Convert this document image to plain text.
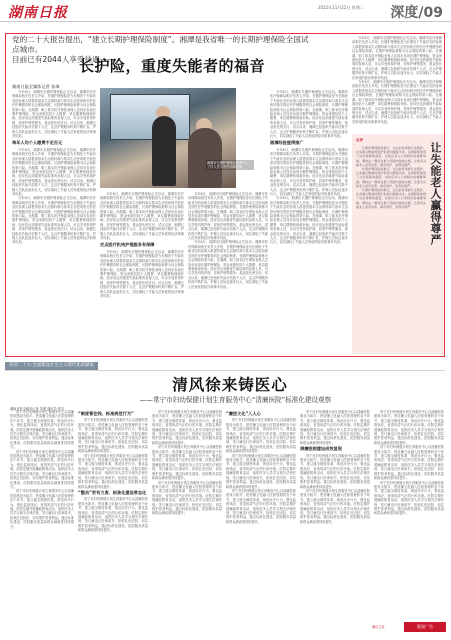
湖南日报	2022年11月22日 星期二	深度/09
党的二十大报告提出，“建立长期护理保险制度”。湘潭是我省唯一的长期护理保险全国试点城市。
目前已有2044人享受待遇——
长护险，重度失能者的福音
湖南日报全媒体记者 张璋

今年6月，湘潭市长期护理保险正式启动。湘潭市医疗保障局相关负责人介绍，长期护理保险是为长期处于失能状态的参保人群提供基本生活照料和与基本生活密切相关的医疗护理服务的社会保险制度。长期护理保险被称为社会保险的第六险。在湘潭，职工基本医疗保险参保人员同步参加长期护理保险，资金来源包括个人缴费、单位缴费和财政补助。经评估达到重度失能标准的参保人员，可以享受机构护理、居家护理等服务，基金按比例支付。试点以来，湘潭已经组织失能评估数千人次，定点护理服务机构不断扩容，护理人员队伍逐步壮大，切实减轻了失能人员家庭的经济和事务负担。

每年人均个人缴费不足百元

今年6月，湘潭市长期护理保险正式启动。湘潭市医疗保障局相关负责人介绍，长期护理保险是为长期处于失能状态的参保人群提供基本生活照料和与基本生活密切相关的医疗护理服务的社会保险制度。长期护理保险被称为社会保险的第六险。在湘潭，职工基本医疗保险参保人员同步参加长期护理保险，资金来源包括个人缴费、单位缴费和财政补助。经评估达到重度失能标准的参保人员，可以享受机构护理、居家护理等服务，基金按比例支付。试点以来，湘潭已经组织失能评估数千人次，定点护理服务机构不断扩容，护理人员队伍逐步壮大，切实减轻了失能人员家庭的经济和事务负担。

今年6月，湘潭市长期护理保险正式启动。湘潭市医疗保障局相关负责人介绍，长期护理保险是为长期处于失能状态的参保人群提供基本生活照料和与基本生活密切相关的医疗护理服务的社会保险制度。长期护理保险被称为社会保险的第六险。在湘潭，职工基本医疗保险参保人员同步参加长期护理保险，资金来源包括个人缴费、单位缴费和财政补助。经评估达到重度失能标准的参保人员，可以享受机构护理、居家护理等服务，基金按比例支付。试点以来，湘潭已经组织失能评估数千人次，定点护理服务机构不断扩容，护理人员队伍逐步壮大，切实减轻了失能人员家庭的经济和事务负担。

湘潭市长期护理保险服务中心，工作人员为市民讲解政策。

今年6月，湘潭市长期护理保险正式启动。湘潭市医疗保障局相关负责人介绍，长期护理保险是为长期处于失能状态的参保人群提供基本生活照料和与基本生活密切相关的医疗护理服务的社会保险制度。长期护理保险被称为社会保险的第六险。在湘潭，职工基本医疗保险参保人员同步参加长期护理保险，资金来源包括个人缴费、单位缴费和财政补助。经评估达到重度失能标准的参保人员，可以享受机构护理、居家护理等服务，基金按比例支付。试点以来，湘潭已经组织失能评估数千人次，定点护理服务机构不断扩容，护理人员队伍逐步壮大，切实减轻了失能人员家庭的经济和事务负担。

定点医疗机构护理服务有保障

今年6月，湘潭市长期护理保险正式启动。湘潭市医疗保障局相关负责人介绍，长期护理保险是为长期处于失能状态的参保人群提供基本生活照料和与基本生活密切相关的医疗护理服务的社会保险制度。长期护理保险被称为社会保险的第六险。在湘潭，职工基本医疗保险参保人员同步参加长期护理保险，资金来源包括个人缴费、单位缴费和财政补助。经评估达到重度失能标准的参保人员，可以享受机构护理、居家护理等服务，基金按比例支付。试点以来，湘潭已经组织失能评估数千人次，定点护理服务机构不断扩容，护理人员队伍逐步壮大，切实减轻了失能人员家庭的经济和事务负担。

今年6月，湘潭市长期护理保险正式启动。湘潭市医疗保障局相关负责人介绍，长期护理保险是为长期处于失能状态的参保人群提供基本生活照料和与基本生活密切相关的医疗护理服务的社会保险制度。长期护理保险被称为社会保险的第六险。在湘潭，职工基本医疗保险参保人员同步参加长期护理保险，资金来源包括个人缴费、单位缴费和财政补助。经评估达到重度失能标准的参保人员，可以享受机构护理、居家护理等服务，基金按比例支付。试点以来，湘潭已经组织失能评估数千人次，定点护理服务机构不断扩容，护理人员队伍逐步壮大，切实减轻了失能人员家庭的经济和事务负担。

今年6月，湘潭市长期护理保险正式启动。湘潭市医疗保障局相关负责人介绍，长期护理保险是为长期处于失能状态的参保人群提供基本生活照料和与基本生活密切相关的医疗护理服务的社会保险制度。长期护理保险被称为社会保险的第六险。在湘潭，职工基本医疗保险参保人员同步参加长期护理保险，资金来源包括个人缴费、单位缴费和财政补助。经评估达到重度失能标准的参保人员，可以享受机构护理、居家护理等服务，基金按比例支付。试点以来，湘潭已经组织失能评估数千人次，定点护理服务机构不断扩容，护理人员队伍逐步壮大，切实减轻了失能人员家庭的经济和事务负担。

今年6月，湘潭市长期护理保险正式启动。湘潭市医疗保障局相关负责人介绍，长期护理保险是为长期处于失能状态的参保人群提供基本生活照料和与基本生活密切相关的医疗护理服务的社会保险制度。长期护理保险被称为社会保险的第六险。在湘潭，职工基本医疗保险参保人员同步参加长期护理保险，资金来源包括个人缴费、单位缴费和财政补助。经评估达到重度失能标准的参保人员，可以享受机构护理、居家护理等服务，基金按比例支付。试点以来，湘潭已经组织失能评估数千人次，定点护理服务机构不断扩容，护理人员队伍逐步壮大，切实减轻了失能人员家庭的经济和事务负担。

湘潭经验值得推广

今年6月，湘潭市长期护理保险正式启动。湘潭市医疗保障局相关负责人介绍，长期护理保险是为长期处于失能状态的参保人群提供基本生活照料和与基本生活密切相关的医疗护理服务的社会保险制度。长期护理保险被称为社会保险的第六险。在湘潭，职工基本医疗保险参保人员同步参加长期护理保险，资金来源包括个人缴费、单位缴费和财政补助。经评估达到重度失能标准的参保人员，可以享受机构护理、居家护理等服务，基金按比例支付。试点以来，湘潭已经组织失能评估数千人次，定点护理服务机构不断扩容，护理人员队伍逐步壮大，切实减轻了失能人员家庭的经济和事务负担。

今年6月，湘潭市长期护理保险正式启动。湘潭市医疗保障局相关负责人介绍，长期护理保险是为长期处于失能状态的参保人群提供基本生活照料和与基本生活密切相关的医疗护理服务的社会保险制度。长期护理保险被称为社会保险的第六险。在湘潭，职工基本医疗保险参保人员同步参加长期护理保险，资金来源包括个人缴费、单位缴费和财政补助。经评估达到重度失能标准的参保人员，可以享受机构护理、居家护理等服务，基金按比例支付。试点以来，湘潭已经组织失能评估数千人次，定点护理服务机构不断扩容，护理人员队伍逐步壮大，切实减轻了失能人员家庭的经济和事务负担。

今年6月，湘潭市长期护理保险正式启动。湘潭市医疗保障局相关负责人介绍，长期护理保险是为长期处于失能状态的参保人群提供基本生活照料和与基本生活密切相关的医疗护理服务的社会保险制度。长期护理保险被称为社会保险的第六险。在湘潭，职工基本医疗保险参保人员同步参加长期护理保险，资金来源包括个人缴费、单位缴费和财政补助。经评估达到重度失能标准的参保人员，可以享受机构护理、居家护理等服务，基金按比例支付。试点以来，湘潭已经组织失能评估数千人次，定点护理服务机构不断扩容，护理人员队伍逐步壮大，切实减轻了失能人员家庭的经济和事务负担。

今年6月，湘潭市长期护理保险正式启动。湘潭市医疗保障局相关负责人介绍，长期护理保险是为长期处于失能状态的参保人群提供基本生活照料和与基本生活密切相关的医疗护理服务的社会保险制度。长期护理保险被称为社会保险的第六险。在湘潭，职工基本医疗保险参保人员同步参加长期护理保险，资金来源包括个人缴费、单位缴费和财政补助。经评估达到重度失能标准的参保人员，可以享受机构护理、居家护理等服务，基金按比例支付。试点以来，湘潭已经组织失能评估数千人次，定点护理服务机构不断扩容，护理人员队伍逐步壮大，切实减轻了失能人员家庭的经济和事务负担。

点评

长期护理保险的推行，让失能者得到专业照护，让家属从繁重的照护负担中解脱出来。这项制度体现了社会保障的温度，也是应对人口老龄化的重要举措。期待这一制度在更大范围内落地生根，让更多失能老人老有所养、病有所护、活得有尊严。

长期护理保险的推行，让失能者得到专业照护，让家属从繁重的照护负担中解脱出来。这项制度体现了社会保障的温度，也是应对人口老龄化的重要举措。期待这一制度在更大范围内落地生根，让更多失能老人老有所养、病有所护、活得有尊严。

长期护理保险的推行，让失能者得到专业照护，让家属从繁重的照护负担中解脱出来。这项制度体现了社会保障的温度，也是应对人口老龄化的重要举措。期待这一制度在更大范围内落地生根，让更多失能老人老有所养、病有所护、活得有尊严。	让失能老人赢得尊严
喜迎二十大·全面建设社会主义现代化新湖南
清风徐来铸医心
——常宁市妇幼保健计划生育服务中心“清廉医院”标准化建设观察
湖南日报全媒体记者 刘勇 通讯员 常宣

常宁市妇幼保健计划生育服务中心以清廉医院建设为抓手，把清廉文化融入医院管理的各个环节，建立健全制度体系，规范诊疗行为，强化监督执纪，营造风清气正的行医环境。医院定期开展廉政教育活动，组织医务人员学习相关法律法规，签订廉洁行医承诺书，拒收红包回扣，切实维护患者利益。通过标准化建设，医院服务质量和群众满意度持续提升。

常宁市妇幼保健计划生育服务中心以清廉医院建设为抓手，把清廉文化融入医院管理的各个环节，建立健全制度体系，规范诊疗行为，强化监督执纪，营造风清气正的行医环境。医院定期开展廉政教育活动，组织医务人员学习相关法律法规，签订廉洁行医承诺书，拒收红包回扣，切实维护患者利益。通过标准化建设，医院服务质量和群众满意度持续提升。

常宁市妇幼保健计划生育服务中心以清廉医院建设为抓手，把清廉文化融入医院管理的各个环节，建立健全制度体系，规范诊疗行为，强化监督执纪，营造风清气正的行医环境。医院定期开展廉政教育活动，组织医务人员学习相关法律法规，签订廉洁行医承诺书，拒收红包回扣，切实维护患者利益。通过标准化建设，医院服务质量和群众满意度持续提升。

“制度管住钱、标准规范行为”

常宁市妇幼保健计划生育服务中心以清廉医院建设为抓手，把清廉文化融入医院管理的各个环节，建立健全制度体系，规范诊疗行为，强化监督执纪，营造风清气正的行医环境。医院定期开展廉政教育活动，组织医务人员学习相关法律法规，签订廉洁行医承诺书，拒收红包回扣，切实维护患者利益。通过标准化建设，医院服务质量和群众满意度持续提升。

常宁市妇幼保健计划生育服务中心以清廉医院建设为抓手，把清廉文化融入医院管理的各个环节，建立健全制度体系，规范诊疗行为，强化监督执纪，营造风清气正的行医环境。医院定期开展廉政教育活动，组织医务人员学习相关法律法规，签订廉洁行医承诺书，拒收红包回扣，切实维护患者利益。通过标准化建设，医院服务质量和群众满意度持续提升。

“整治”更有力度、标准化建设常态化

常宁市妇幼保健计划生育服务中心以清廉医院建设为抓手，把清廉文化融入医院管理的各个环节，建立健全制度体系，规范诊疗行为，强化监督执纪，营造风清气正的行医环境。医院定期开展廉政教育活动，组织医务人员学习相关法律法规，签订廉洁行医承诺书，拒收红包回扣，切实维护患者利益。通过标准化建设，医院服务质量和群众满意度持续提升。

常宁市妇幼保健计划生育服务中心以清廉医院建设为抓手，把清廉文化融入医院管理的各个环节，建立健全制度体系，规范诊疗行为，强化监督执纪，营造风清气正的行医环境。医院定期开展廉政教育活动，组织医务人员学习相关法律法规，签订廉洁行医承诺书，拒收红包回扣，切实维护患者利益。通过标准化建设，医院服务质量和群众满意度持续提升。

常宁市妇幼保健计划生育服务中心以清廉医院建设为抓手，把清廉文化融入医院管理的各个环节，建立健全制度体系，规范诊疗行为，强化监督执纪，营造风清气正的行医环境。医院定期开展廉政教育活动，组织医务人员学习相关法律法规，签订廉洁行医承诺书，拒收红包回扣，切实维护患者利益。通过标准化建设，医院服务质量和群众满意度持续提升。

常宁市妇幼保健计划生育服务中心以清廉医院建设为抓手，把清廉文化融入医院管理的各个环节，建立健全制度体系，规范诊疗行为，强化监督执纪，营造风清气正的行医环境。医院定期开展廉政教育活动，组织医务人员学习相关法律法规，签订廉洁行医承诺书，拒收红包回扣，切实维护患者利益。通过标准化建设，医院服务质量和群众满意度持续提升。

“廉医文化”入人心

常宁市妇幼保健计划生育服务中心以清廉医院建设为抓手，把清廉文化融入医院管理的各个环节，建立健全制度体系，规范诊疗行为，强化监督执纪，营造风清气正的行医环境。医院定期开展廉政教育活动，组织医务人员学习相关法律法规，签订廉洁行医承诺书，拒收红包回扣，切实维护患者利益。通过标准化建设，医院服务质量和群众满意度持续提升。

常宁市妇幼保健计划生育服务中心以清廉医院建设为抓手，把清廉文化融入医院管理的各个环节，建立健全制度体系，规范诊疗行为，强化监督执纪，营造风清气正的行医环境。医院定期开展廉政教育活动，组织医务人员学习相关法律法规，签订廉洁行医承诺书，拒收红包回扣，切实维护患者利益。通过标准化建设，医院服务质量和群众满意度持续提升。

常宁市妇幼保健计划生育服务中心以清廉医院建设为抓手，把清廉文化融入医院管理的各个环节，建立健全制度体系，规范诊疗行为，强化监督执纪，营造风清气正的行医环境。医院定期开展廉政教育活动，组织医务人员学习相关法律法规，签订廉洁行医承诺书，拒收红包回扣，切实维护患者利益。通过标准化建设，医院服务质量和群众满意度持续提升。

常宁市妇幼保健计划生育服务中心以清廉医院建设为抓手，把清廉文化融入医院管理的各个环节，建立健全制度体系，规范诊疗行为，强化监督执纪，营造风清气正的行医环境。医院定期开展廉政教育活动，组织医务人员学习相关法律法规，签订廉洁行医承诺书，拒收红包回扣，切实维护患者利益。通过标准化建设，医院服务质量和群众满意度持续提升。

清廉医院建设成效显现

常宁市妇幼保健计划生育服务中心以清廉医院建设为抓手，把清廉文化融入医院管理的各个环节，建立健全制度体系，规范诊疗行为，强化监督执纪，营造风清气正的行医环境。医院定期开展廉政教育活动，组织医务人员学习相关法律法规，签订廉洁行医承诺书，拒收红包回扣，切实维护患者利益。通过标准化建设，医院服务质量和群众满意度持续提升。

常宁市妇幼保健计划生育服务中心以清廉医院建设为抓手，把清廉文化融入医院管理的各个环节，建立健全制度体系，规范诊疗行为，强化监督执纪，营造风清气正的行医环境。医院定期开展廉政教育活动，组织医务人员学习相关法律法规，签订廉洁行医承诺书，拒收红包回扣，切实维护患者利益。通过标准化建设，医院服务质量和群众满意度持续提升。

常宁市妇幼保健计划生育服务中心以清廉医院建设为抓手，把清廉文化融入医院管理的各个环节，建立健全制度体系，规范诊疗行为，强化监督执纪，营造风清气正的行医环境。医院定期开展廉政教育活动，组织医务人员学习相关法律法规，签订廉洁行医承诺书，拒收红包回扣，切实维护患者利益。通过标准化建设，医院服务质量和群众满意度持续提升。

常宁市妇幼保健计划生育服务中心以清廉医院建设为抓手，把清廉文化融入医院管理的各个环节，建立健全制度体系，规范诊疗行为，强化监督执纪，营造风清气正的行医环境。医院定期开展廉政教育活动，组织医务人员学习相关法律法规，签订廉洁行医承诺书，拒收红包回扣，切实维护患者利益。通过标准化建设，医院服务质量和群众满意度持续提升。

常宁市妇幼保健计划生育服务中心以清廉医院建设为抓手，把清廉文化融入医院管理的各个环节，建立健全制度体系，规范诊疗行为，强化监督执纪，营造风清气正的行医环境。医院定期开展廉政教育活动，组织医务人员学习相关法律法规，签订廉洁行医承诺书，拒收红包回扣，切实维护患者利益。通过标准化建设，医院服务质量和群众满意度持续提升。

廉洁文化	版面广告
